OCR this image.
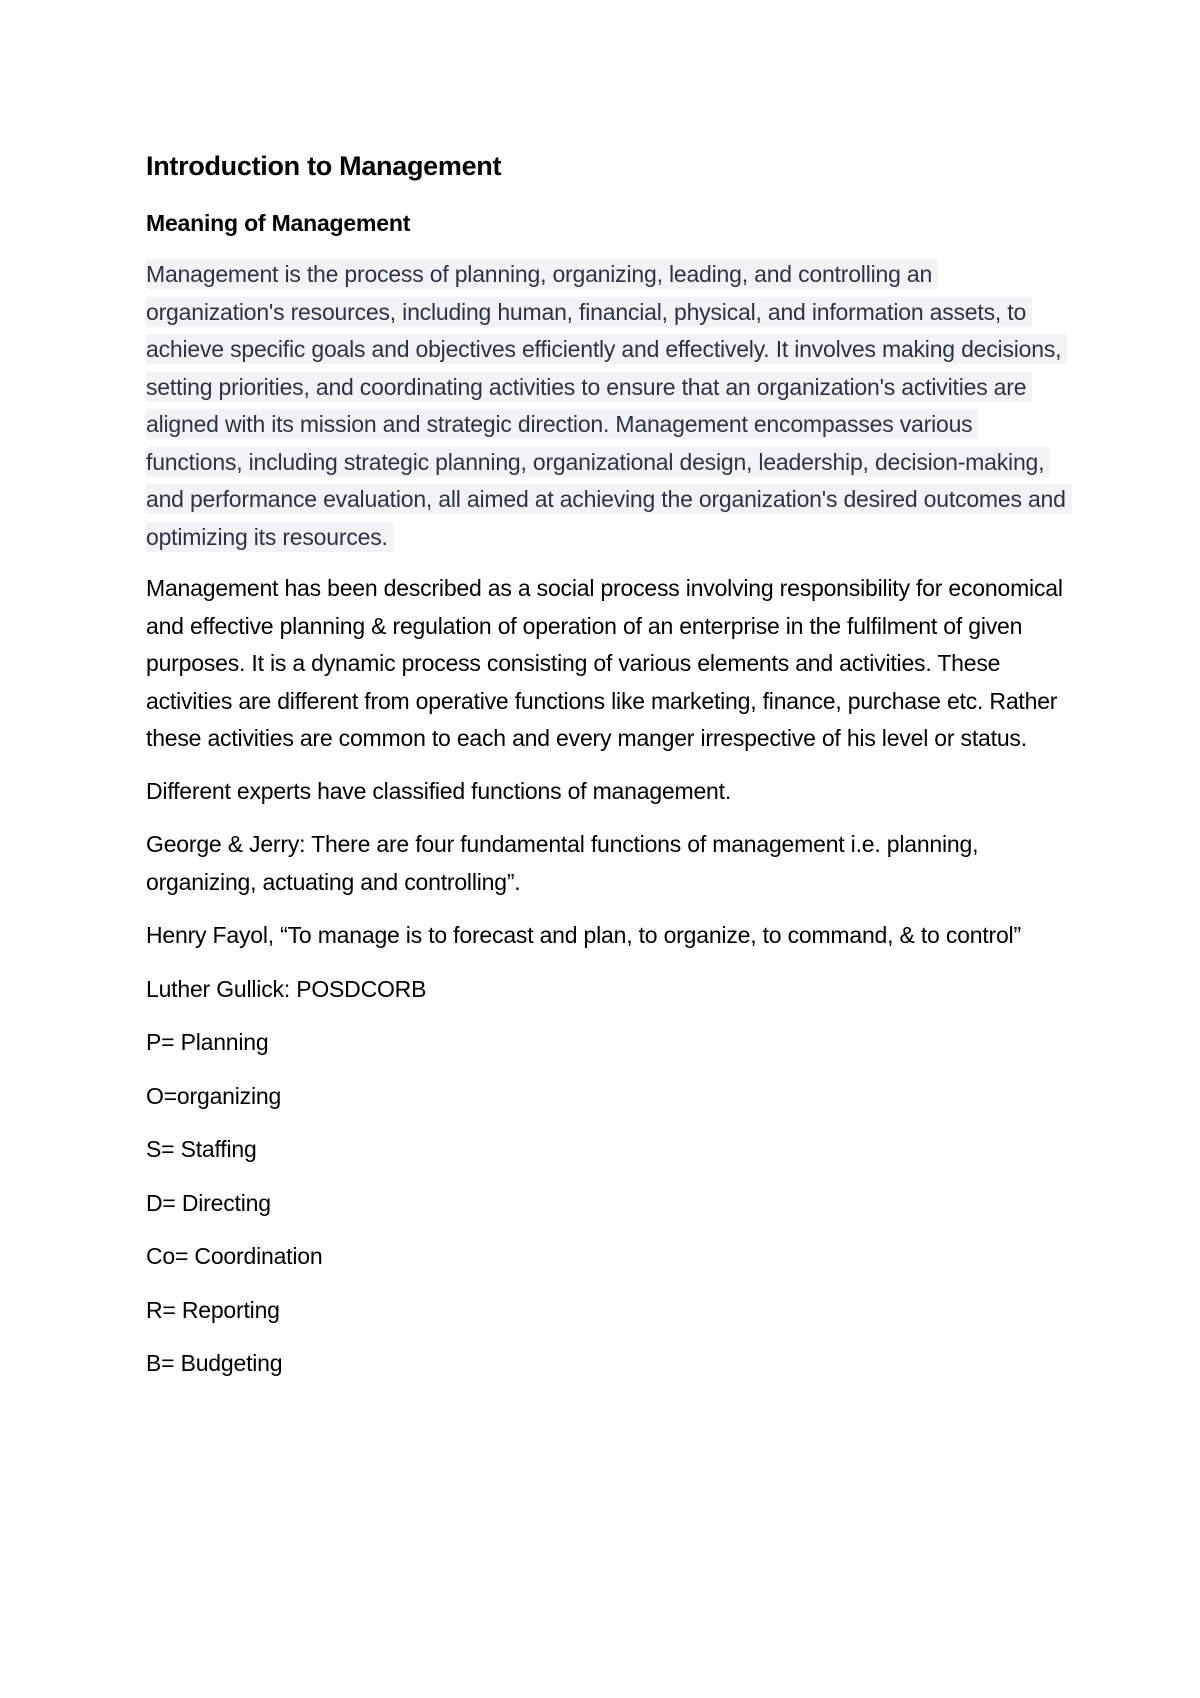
Introduction to Management
Meaning of Management
Management is the process of planning, organizing, leading, and controlling an organization's resources, including human, financial, physical, and information assets, to achieve specific goals and objectives efficiently and effectively. It involves making decisions, setting priorities, and coordinating activities to ensure that an organization's activities are aligned with its mission and strategic direction. Management encompasses various functions, including strategic planning, organizational design, leadership, decision-making, and performance evaluation, all aimed at achieving the organization's desired outcomes and optimizing its resources.
Management has been described as a social process involving responsibility for economical and effective planning & regulation of operation of an enterprise in the fulfilment of given purposes. It is a dynamic process consisting of various elements and activities. These activities are different from operative functions like marketing, finance, purchase etc. Rather these activities are common to each and every manger irrespective of his level or status.
Different experts have classified functions of management.
George & Jerry: There are four fundamental functions of management i.e. planning, organizing, actuating and controlling”.
Henry Fayol, “To manage is to forecast and plan, to organize, to command, & to control”
Luther Gullick: POSDCORB
P= Planning
O=organizing
S= Staffing
D= Directing
Co= Coordination
R= Reporting
B= Budgeting
